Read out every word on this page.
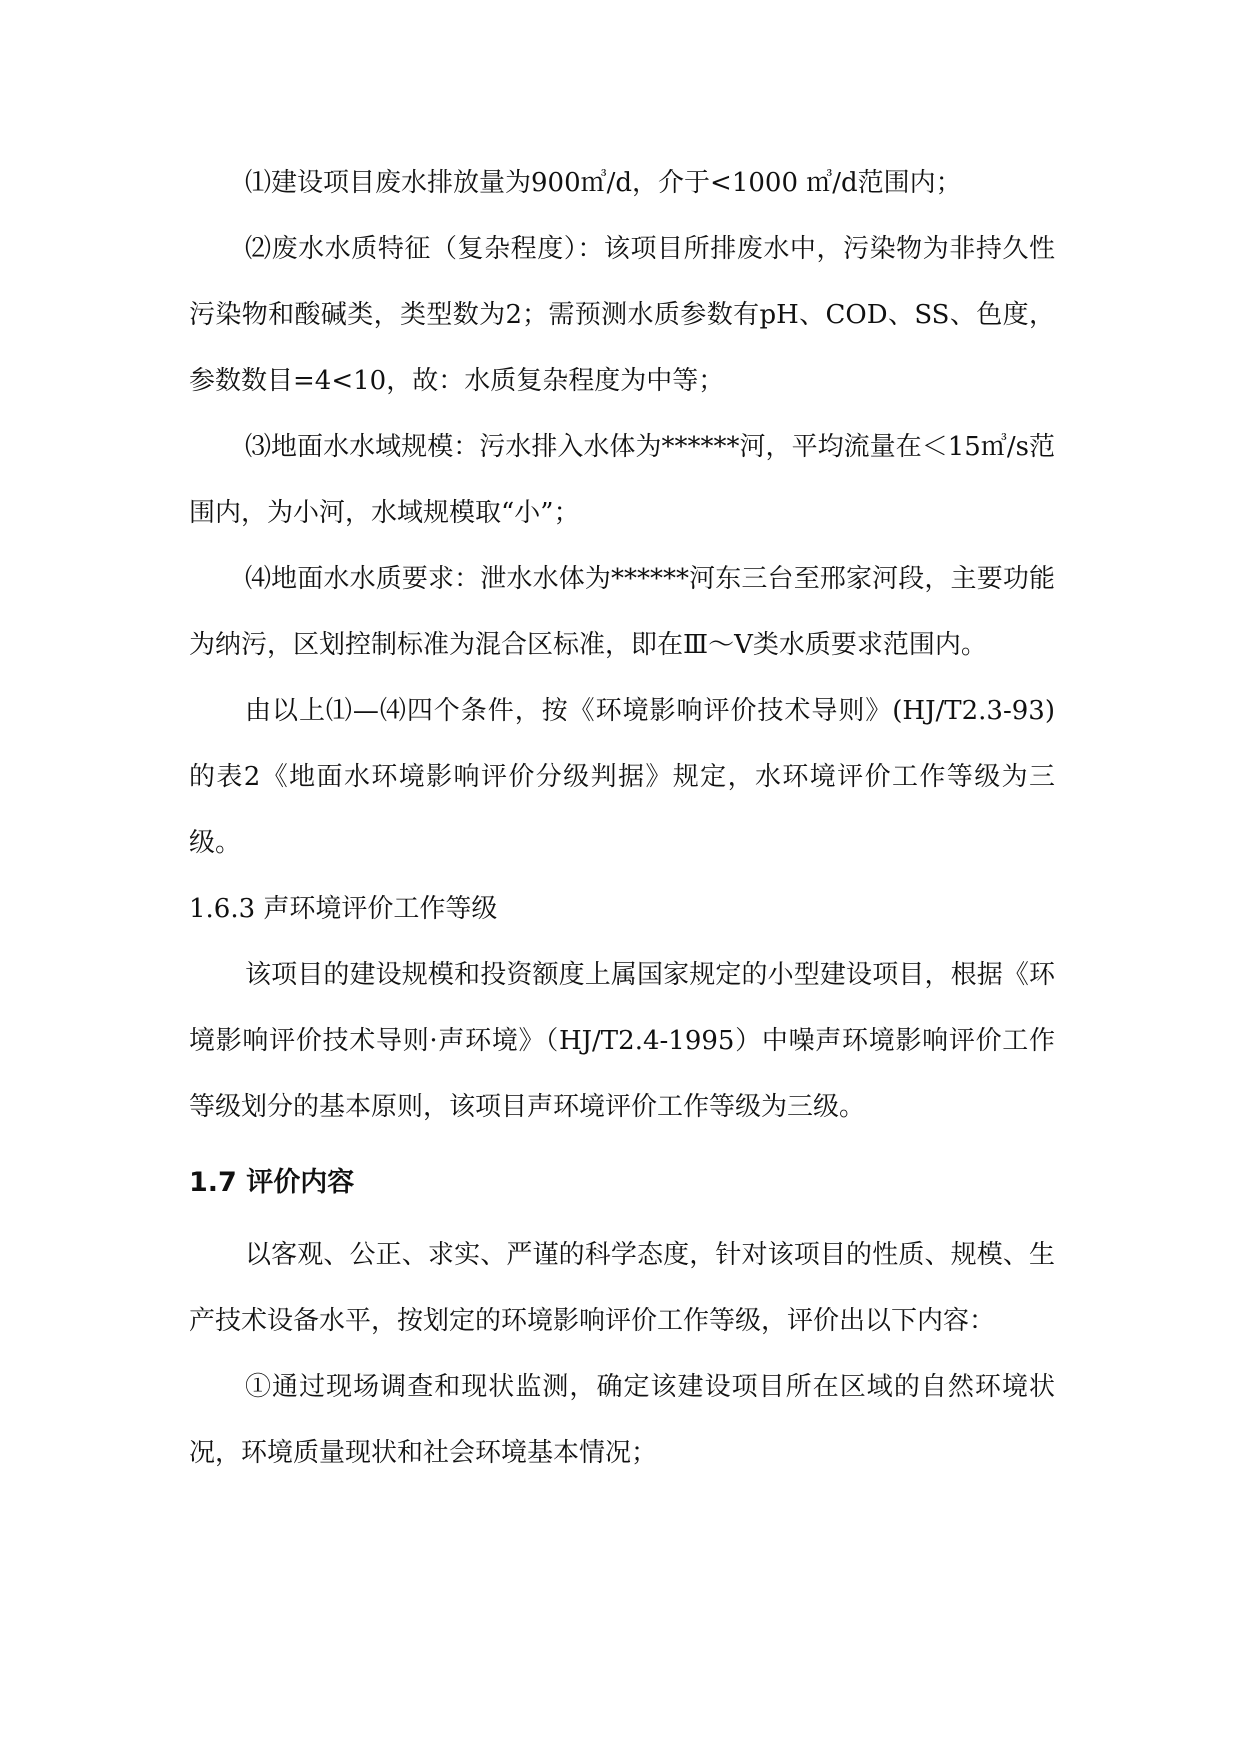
⑴建设项目废水排放量为900㎥/d，介于<1000 ㎥/d范围内；

⑵废水水质特征（复杂程度）：该项目所排废水中，污染物为非持久性污染物和酸碱类，类型数为2；需预测水质参数有pH、COD、SS、色度，参数数目=4<10，故：水质复杂程度为中等；

⑶地面水水域规模：污水排入水体为******河，平均流量在＜15㎥/s范围内，为小河，水域规模取“小”；

⑷地面水水质要求：泄水水体为******河东三台至邢家河段，主要功能为纳污，区划控制标准为混合区标准，即在Ⅲ～Ⅴ类水质要求范围内。

由以上⑴—⑷四个条件，按《环境影响评价技术导则》(HJ/T2.3-93)的表2《地面水环境影响评价分级判据》规定，水环境评价工作等级为三级。

1.6.3 声环境评价工作等级

该项目的建设规模和投资额度上属国家规定的小型建设项目，根据《环境影响评价技术导则·声环境》（HJ/T2.4-1995）中噪声环境影响评价工作等级划分的基本原则，该项目声环境评价工作等级为三级。

1.7 评价内容

以客观、公正、求实、严谨的科学态度，针对该项目的性质、规模、生产技术设备水平，按划定的环境影响评价工作等级，评价出以下内容：

①通过现场调查和现状监测，确定该建设项目所在区域的自然环境状况，环境质量现状和社会环境基本情况；
